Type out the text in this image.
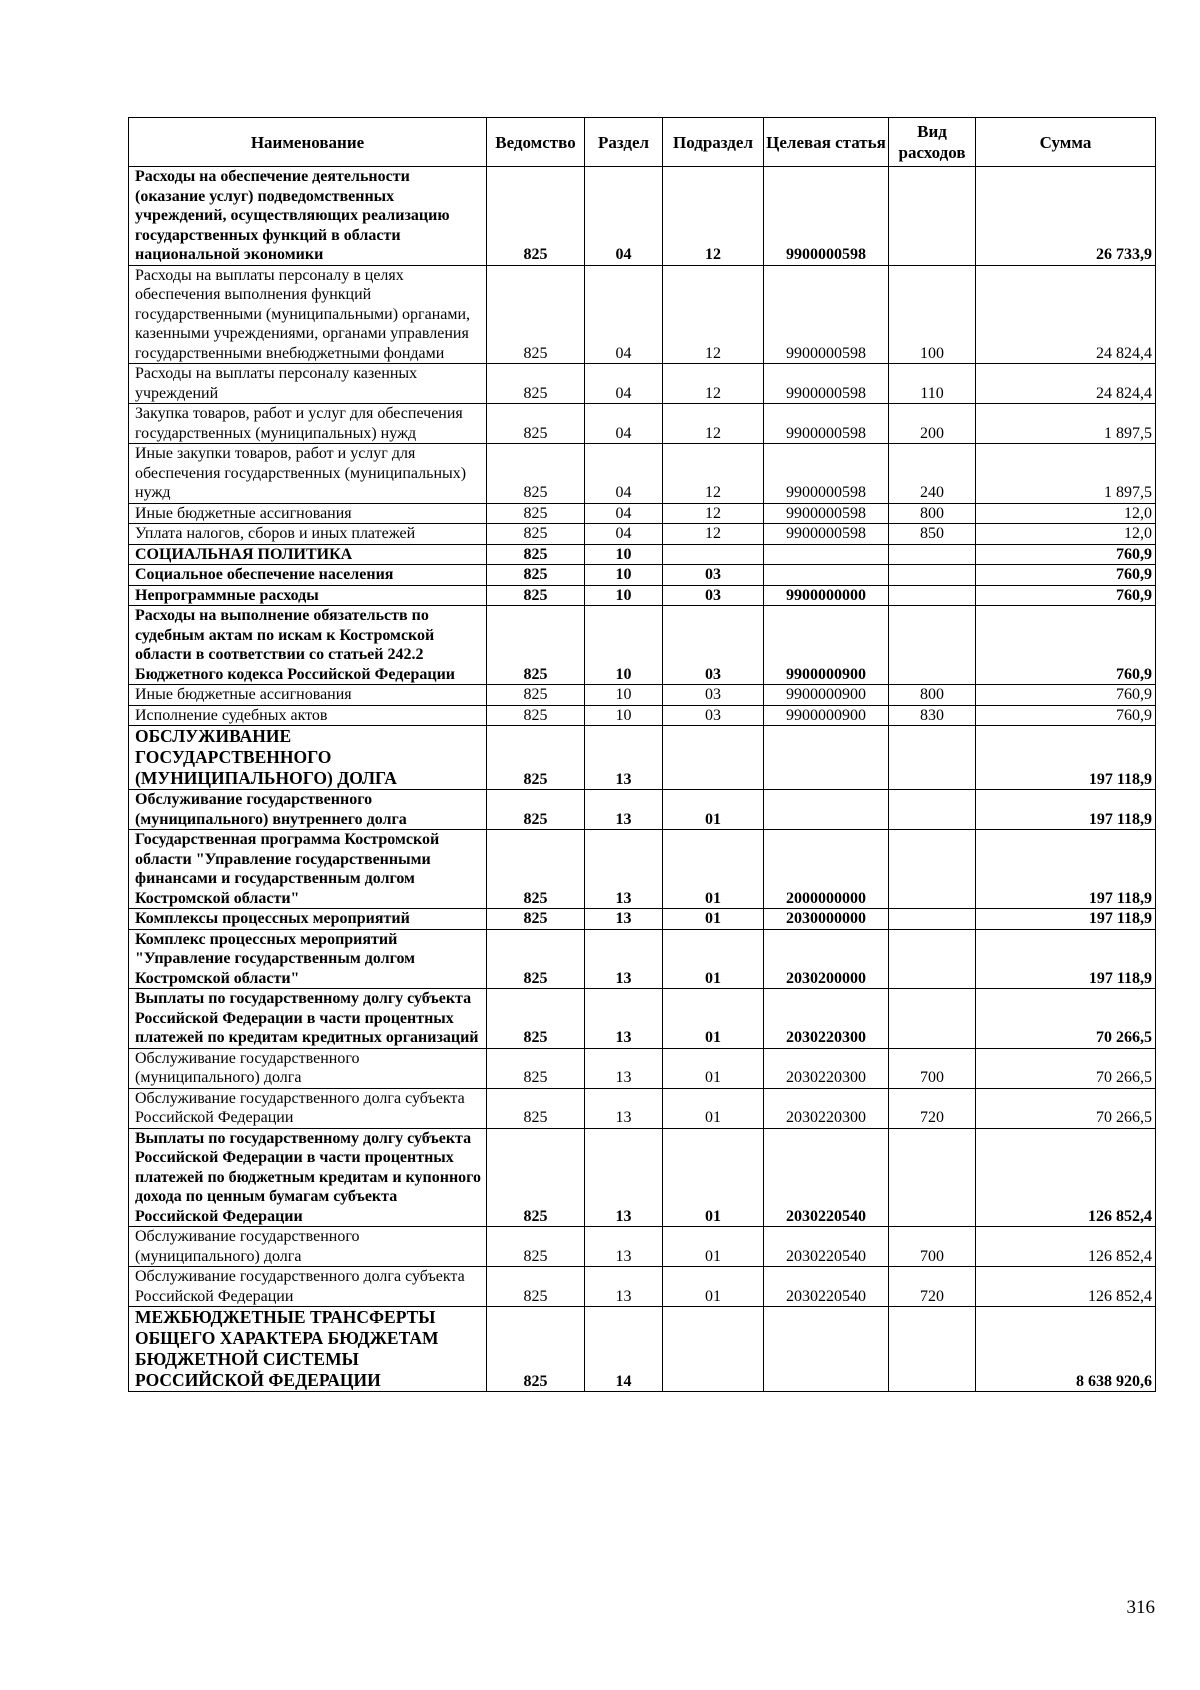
Наименование	Ведомство	Раздел	Подраздел	Целевая статья	Вид расходов	Сумма
Расходы на обеспечение деятельности (оказание услуг) подведомственных учреждений, осуществляющих реализацию государственных функций в области национальной экономики	825	04	12	9900000598		26 733,9
Расходы на выплаты персоналу в целях обеспечения выполнения функций государственными (муниципальными) органами, казенными учреждениями, органами управления государственными внебюджетными фондами	825	04	12	9900000598	100	24 824,4
Расходы на выплаты персоналу казенных учреждений	825	04	12	9900000598	110	24 824,4
Закупка товаров, работ и услуг для обеспечения государственных (муниципальных) нужд	825	04	12	9900000598	200	1 897,5
Иные закупки товаров, работ и услуг для обеспечения государственных (муниципальных) нужд	825	04	12	9900000598	240	1 897,5
Иные бюджетные ассигнования	825	04	12	9900000598	800	12,0
Уплата налогов, сборов и иных платежей	825	04	12	9900000598	850	12,0
СОЦИАЛЬНАЯ ПОЛИТИКА	825	10				760,9
Социальное обеспечение населения	825	10	03			760,9
Непрограммные расходы	825	10	03	9900000000		760,9
Расходы на выполнение обязательств по судебным актам по искам к Костромской области в соответствии со статьей 242.2 Бюджетного кодекса Российской Федерации	825	10	03	9900000900		760,9
Иные бюджетные ассигнования	825	10	03	9900000900	800	760,9
Исполнение судебных актов	825	10	03	9900000900	830	760,9
ОБСЛУЖИВАНИЕ ГОСУДАРСТВЕННОГО (МУНИЦИПАЛЬНОГО) ДОЛГА	825	13				197 118,9
Обслуживание государственного (муниципального) внутреннего долга	825	13	01			197 118,9
Государственная программа Костромской области "Управление государственными финансами и государственным долгом Костромской области"	825	13	01	2000000000		197 118,9
Комплексы процессных мероприятий	825	13	01	2030000000		197 118,9
Комплекс процессных мероприятий "Управление государственным долгом Костромской области"	825	13	01	2030200000		197 118,9
Выплаты по государственному долгу субъекта Российской Федерации в части процентных платежей по кредитам кредитных организаций	825	13	01	2030220300		70 266,5
Обслуживание государственного (муниципального) долга	825	13	01	2030220300	700	70 266,5
Обслуживание государственного долга субъекта Российской Федерации	825	13	01	2030220300	720	70 266,5
Выплаты по государственному долгу субъекта Российской Федерации в части процентных платежей по бюджетным кредитам и купонного дохода по ценным бумагам субъекта Российской Федерации	825	13	01	2030220540		126 852,4
Обслуживание государственного (муниципального) долга	825	13	01	2030220540	700	126 852,4
Обслуживание государственного долга субъекта Российской Федерации	825	13	01	2030220540	720	126 852,4
МЕЖБЮДЖЕТНЫЕ ТРАНСФЕРТЫ ОБЩЕГО ХАРАКТЕРА БЮДЖЕТАМ БЮДЖЕТНОЙ СИСТЕМЫ РОССИЙСКОЙ ФЕДЕРАЦИИ	825	14				8 638 920,6
316
